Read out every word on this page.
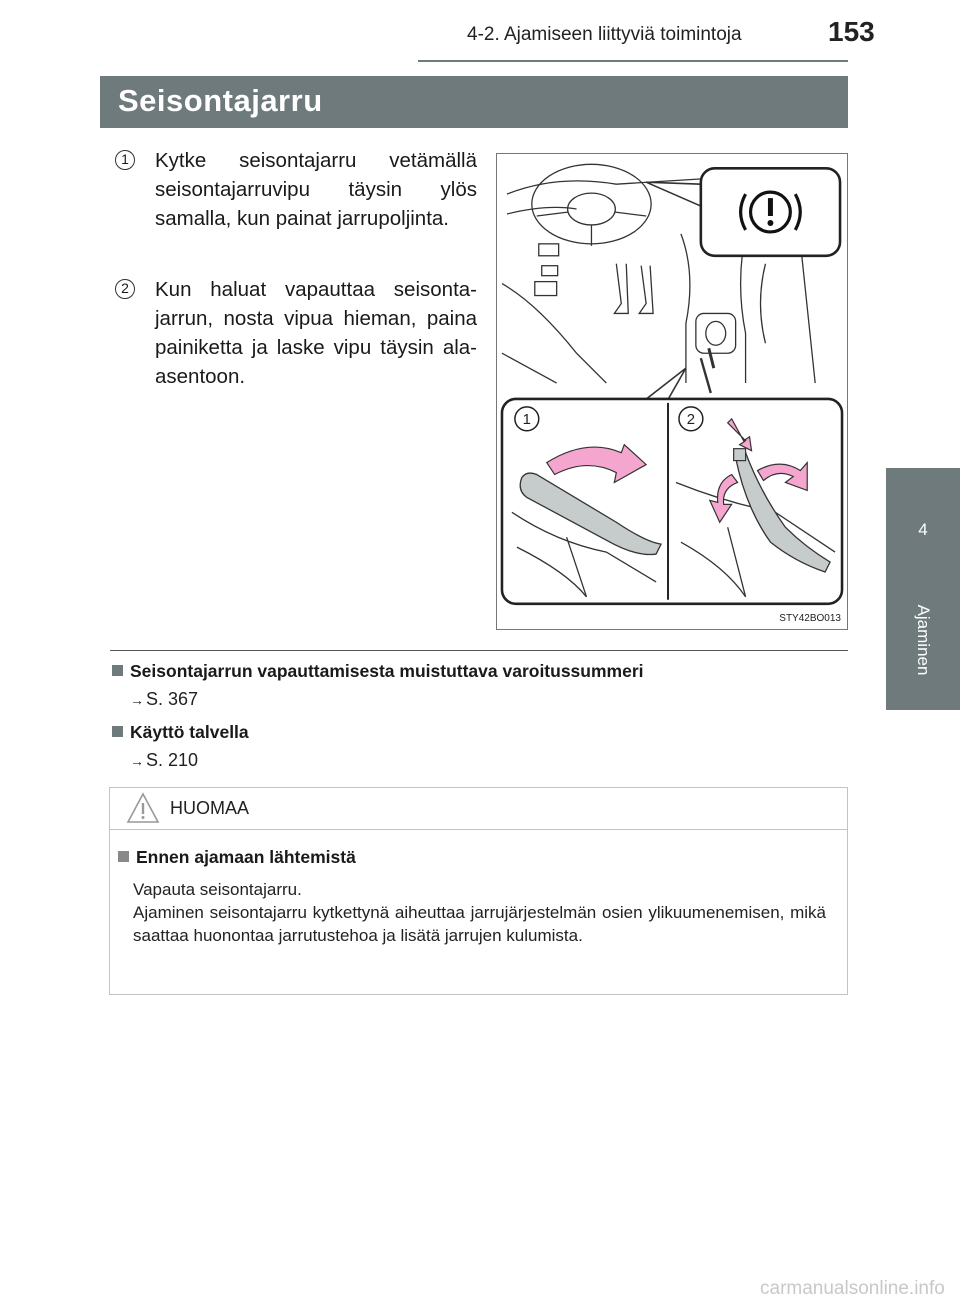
4-2. Ajamiseen liittyviä toimintoja	153
4
Ajaminen
Seisontajarru
1 Kytke seisontajarru vetämällä seisontajarruvipu täysin ylös samalla, kun painat jarrupoljinta.
2 Kun haluat vapauttaa seisontajarrun, nosta vipua hieman, paina painiketta ja laske vipu täysin ala-asentoon.
1	2
STY42BO013
Seisontajarrun vapauttamisesta muistuttava varoitussummeri
→ S. 367
Käyttö talvella
→ S. 210
HUOMAA
Ennen ajamaan lähtemistä
Vapauta seisontajarru.
Ajaminen seisontajarru kytkettynä aiheuttaa jarrujärjestelmän osien ylikuumenemisen, mikä saattaa huonontaa jarrutustehoa ja lisätä jarrujen kulumista.
carmanualsonline.info
